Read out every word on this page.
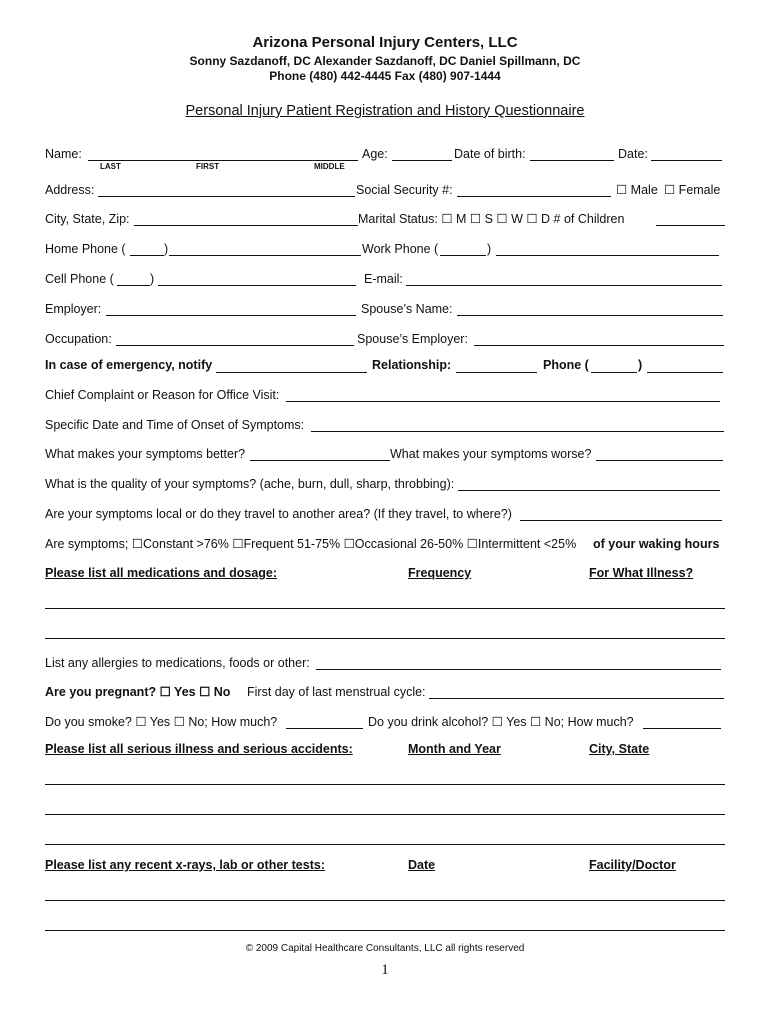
Arizona Personal Injury Centers, LLC
Sonny Sazdanoff, DC Alexander Sazdanoff, DC Daniel Spillmann, DC
Phone (480) 442-4445 Fax (480) 907-1444
Personal Injury Patient Registration and History Questionnaire
Name:
LAST	FIRST	MIDDLE
Age:	Date of birth:	Date:
Address:	Social Security #:	☐ Male ☐ Female
City, State, Zip:	Marital Status: ☐ M ☐ S ☐ W ☐ D # of Children
Home Phone (	)	Work Phone (	)
Cell Phone (	)	E-mail:
Employer:	Spouse’s Name:
Occupation:	Spouse’s Employer:
In case of emergency, notify	Relationship:	Phone (	)
Chief Complaint or Reason for Office Visit:
Specific Date and Time of Onset of Symptoms:
What makes your symptoms better?	What makes your symptoms worse?
What is the quality of your symptoms? (ache, burn, dull, sharp, throbbing):
Are your symptoms local or do they travel to another area? (If they travel, to where?)
Are symptoms; ☐Constant >76% ☐Frequent 51-75% ☐Occasional 26-50% ☐Intermittent <25% of your waking hours
Please list all medications and dosage:	Frequency	For What Illness?
List any allergies to medications, foods or other:
Are you pregnant? ☐ Yes ☐ No First day of last menstrual cycle:
Do you smoke? ☐ Yes ☐ No; How much?	Do you drink alcohol? ☐ Yes ☐ No; How much?
Please list all serious illness and serious accidents:	Month and Year	City, State
Please list any recent x-rays, lab or other tests:	Date	Facility/Doctor
© 2009 Capital Healthcare Consultants, LLC all rights reserved
1
